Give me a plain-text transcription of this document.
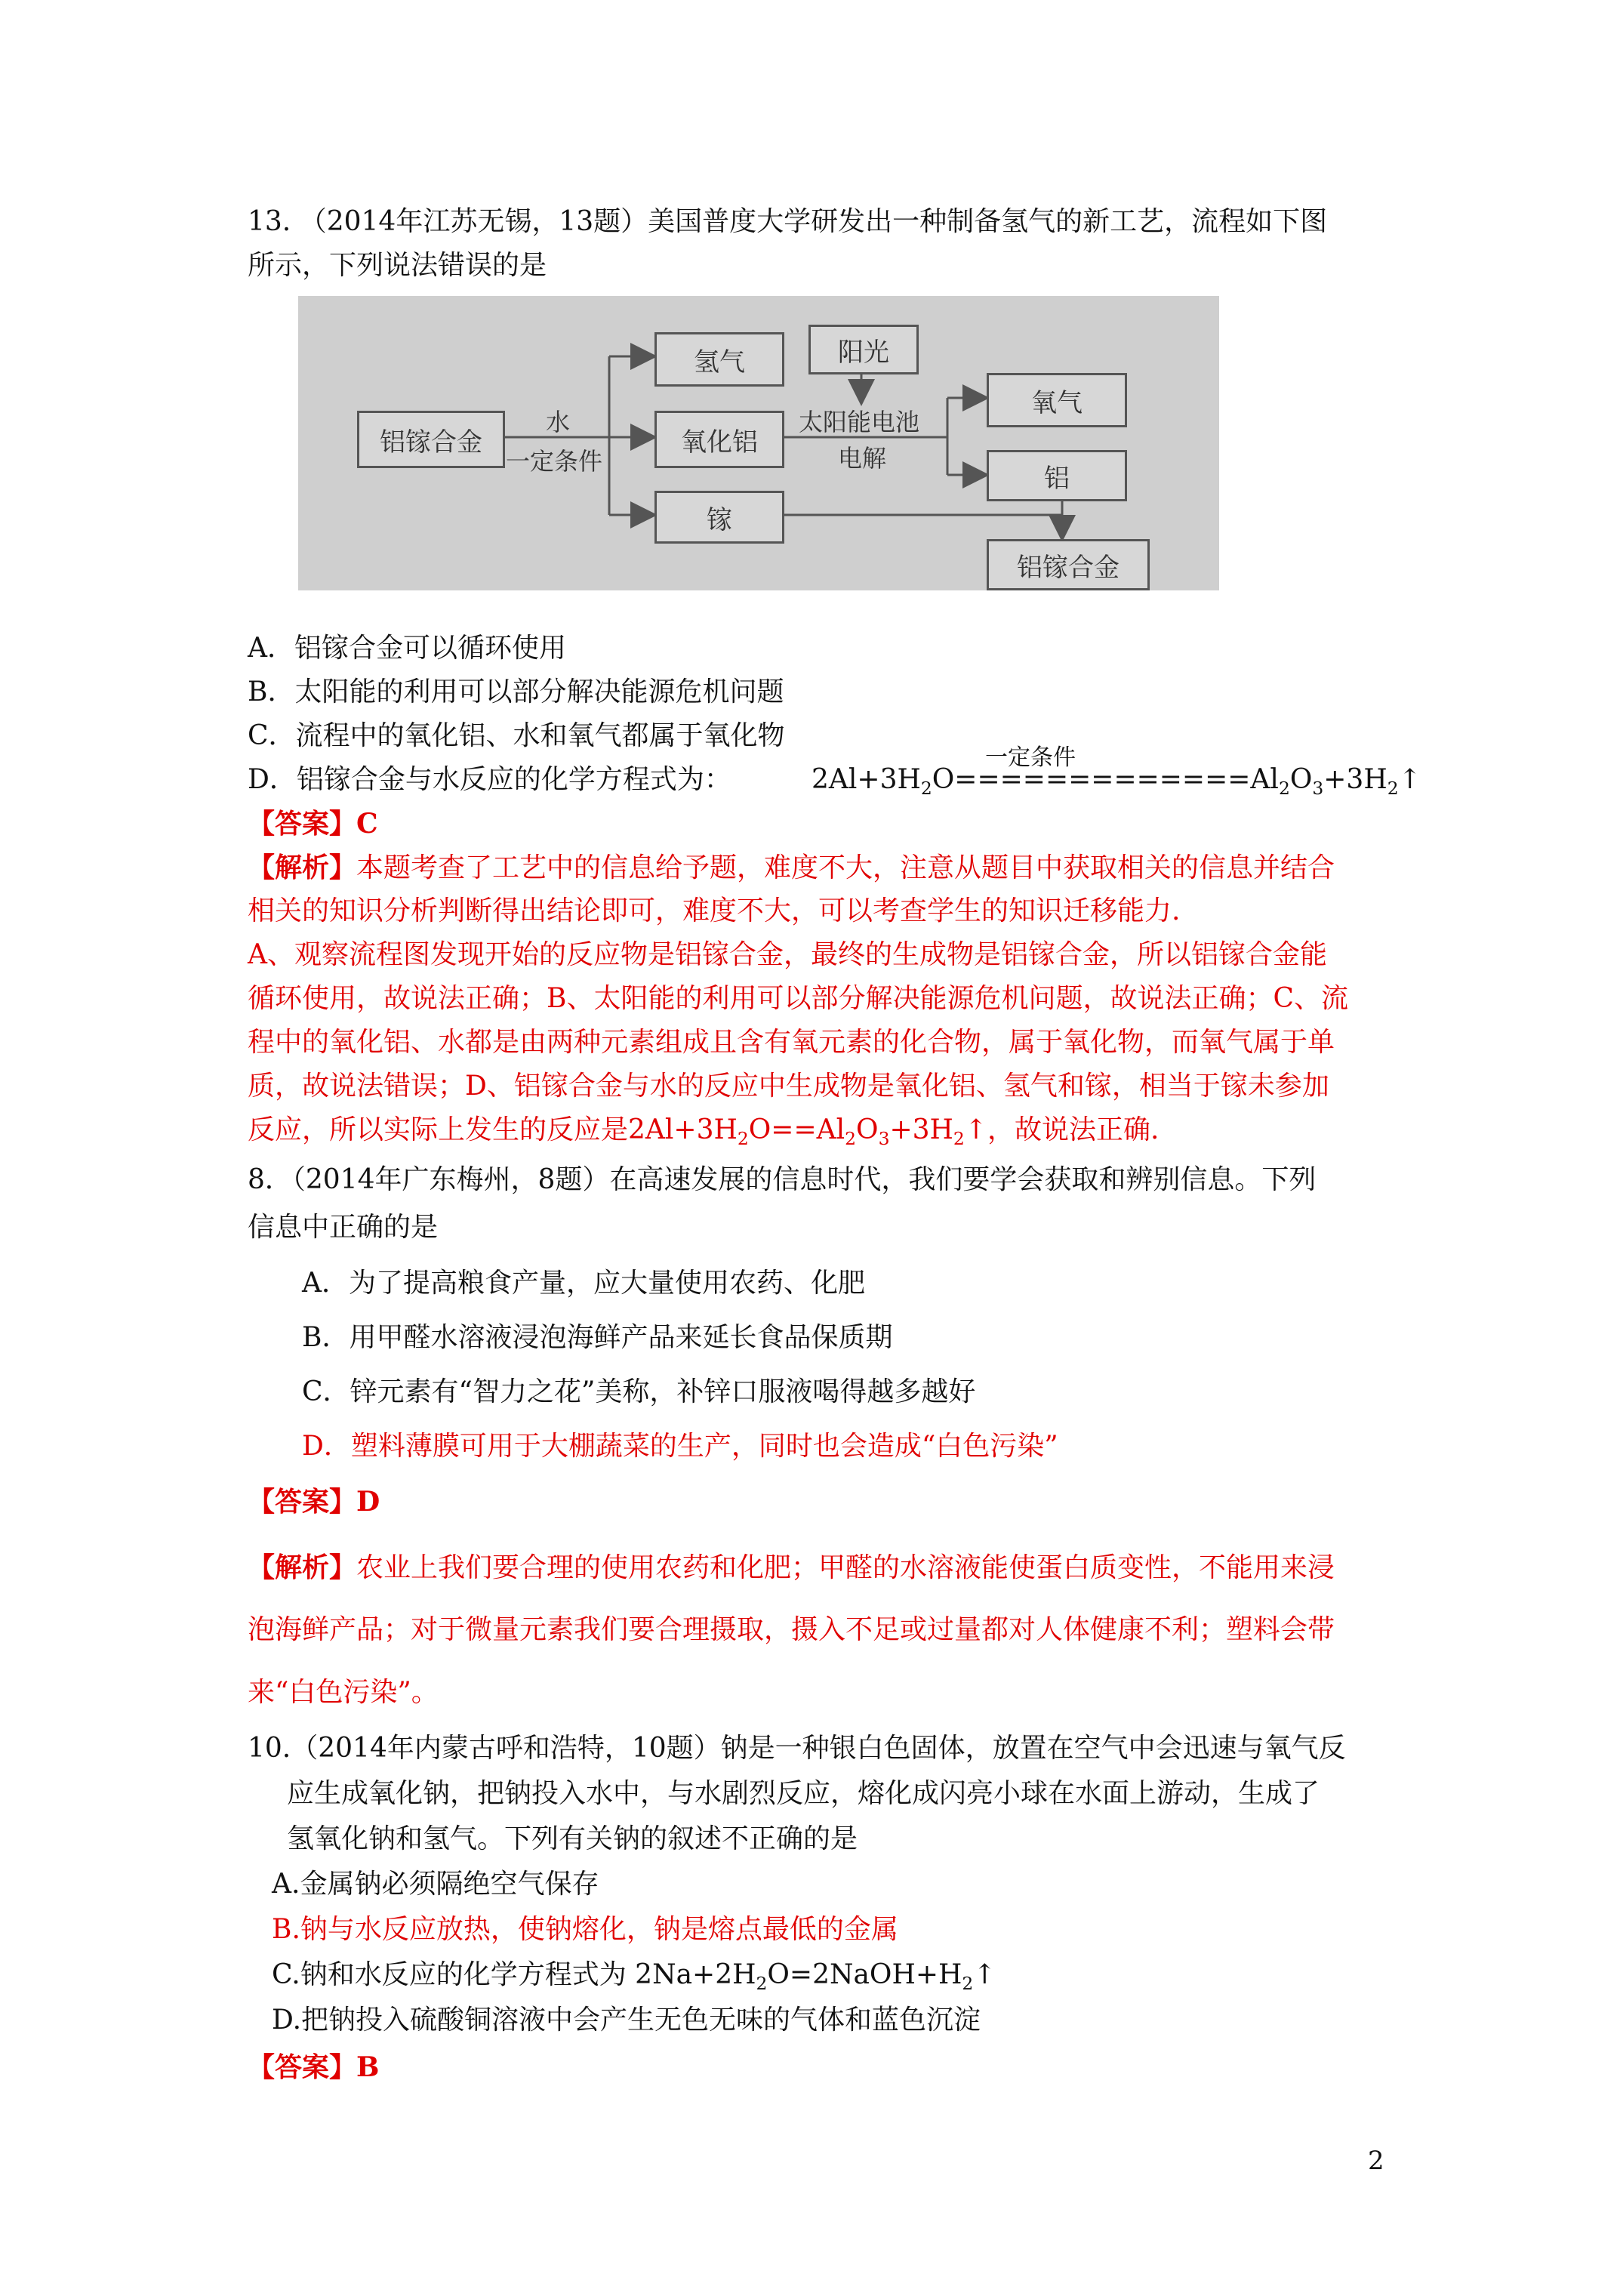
13. （2014年江苏无锡，13题）美国普度大学研发出一种制备氢气的新工艺，流程如下图
所示，下列说法错误的是
铝镓合金
水
一定条件
氢气
氧化铝
镓
阳光
太阳能电池
电解
氧气
铝
铝镓合金
A．铝镓合金可以循环使用
B．太阳能的利用可以部分解决能源危机问题
C．流程中的氧化铝、水和氧气都属于氧化物
D．铝镓合金与水反应的化学方程式为：
一定条件
$2Al+3H_2O=============Al_2O_3+3H_2↑$
【答案】C
【解析】本题考查了工艺中的信息给予题，难度不大，注意从题目中获取相关的信息并结合
相关的知识分析判断得出结论即可，难度不大，可以考查学生的知识迁移能力.
A、观察流程图发现开始的反应物是铝镓合金，最终的生成物是铝镓合金，所以铝镓合金能
循环使用，故说法正确；B、太阳能的利用可以部分解决能源危机问题，故说法正确；C、流
程中的氧化铝、水都是由两种元素组成且含有氧元素的化合物，属于氧化物，而氧气属于单
质，故说法错误；D、铝镓合金与水的反应中生成物是氧化铝、氢气和镓，相当于镓未参加
反应，所以实际上发生的反应是$2Al+3H_2O==Al_2O_3+3H_2↑$，故说法正确.
8．（2014年广东梅州，8题）在高速发展的信息时代，我们要学会获取和辨别信息。下列
信息中正确的是
A．为了提高粮食产量，应大量使用农药、化肥
B．用甲醛水溶液浸泡海鲜产品来延长食品保质期
C．锌元素有“智力之花”美称，补锌口服液喝得越多越好
D．塑料薄膜可用于大棚蔬菜的生产，同时也会造成“白色污染”
【答案】D
【解析】农业上我们要合理的使用农药和化肥；甲醛的水溶液能使蛋白质变性，不能用来浸
泡海鲜产品；对于微量元素我们要合理摄取，摄入不足或过量都对人体健康不利；塑料会带
来“白色污染”。
10.（2014年内蒙古呼和浩特，10题）钠是一种银白色固体，放置在空气中会迅速与氧气反
应生成氧化钠，把钠投入水中，与水剧烈反应，熔化成闪亮小球在水面上游动，生成了
氢氧化钠和氢气。下列有关钠的叙述不正确的是
A.金属钠必须隔绝空气保存
B.钠与水反应放热，使钠熔化，钠是熔点最低的金属
C.钠和水反应的化学方程式为 $2Na+2H_2O=2NaOH+H_2↑$
D.把钠投入硫酸铜溶液中会产生无色无味的气体和蓝色沉淀
【答案】B
2
